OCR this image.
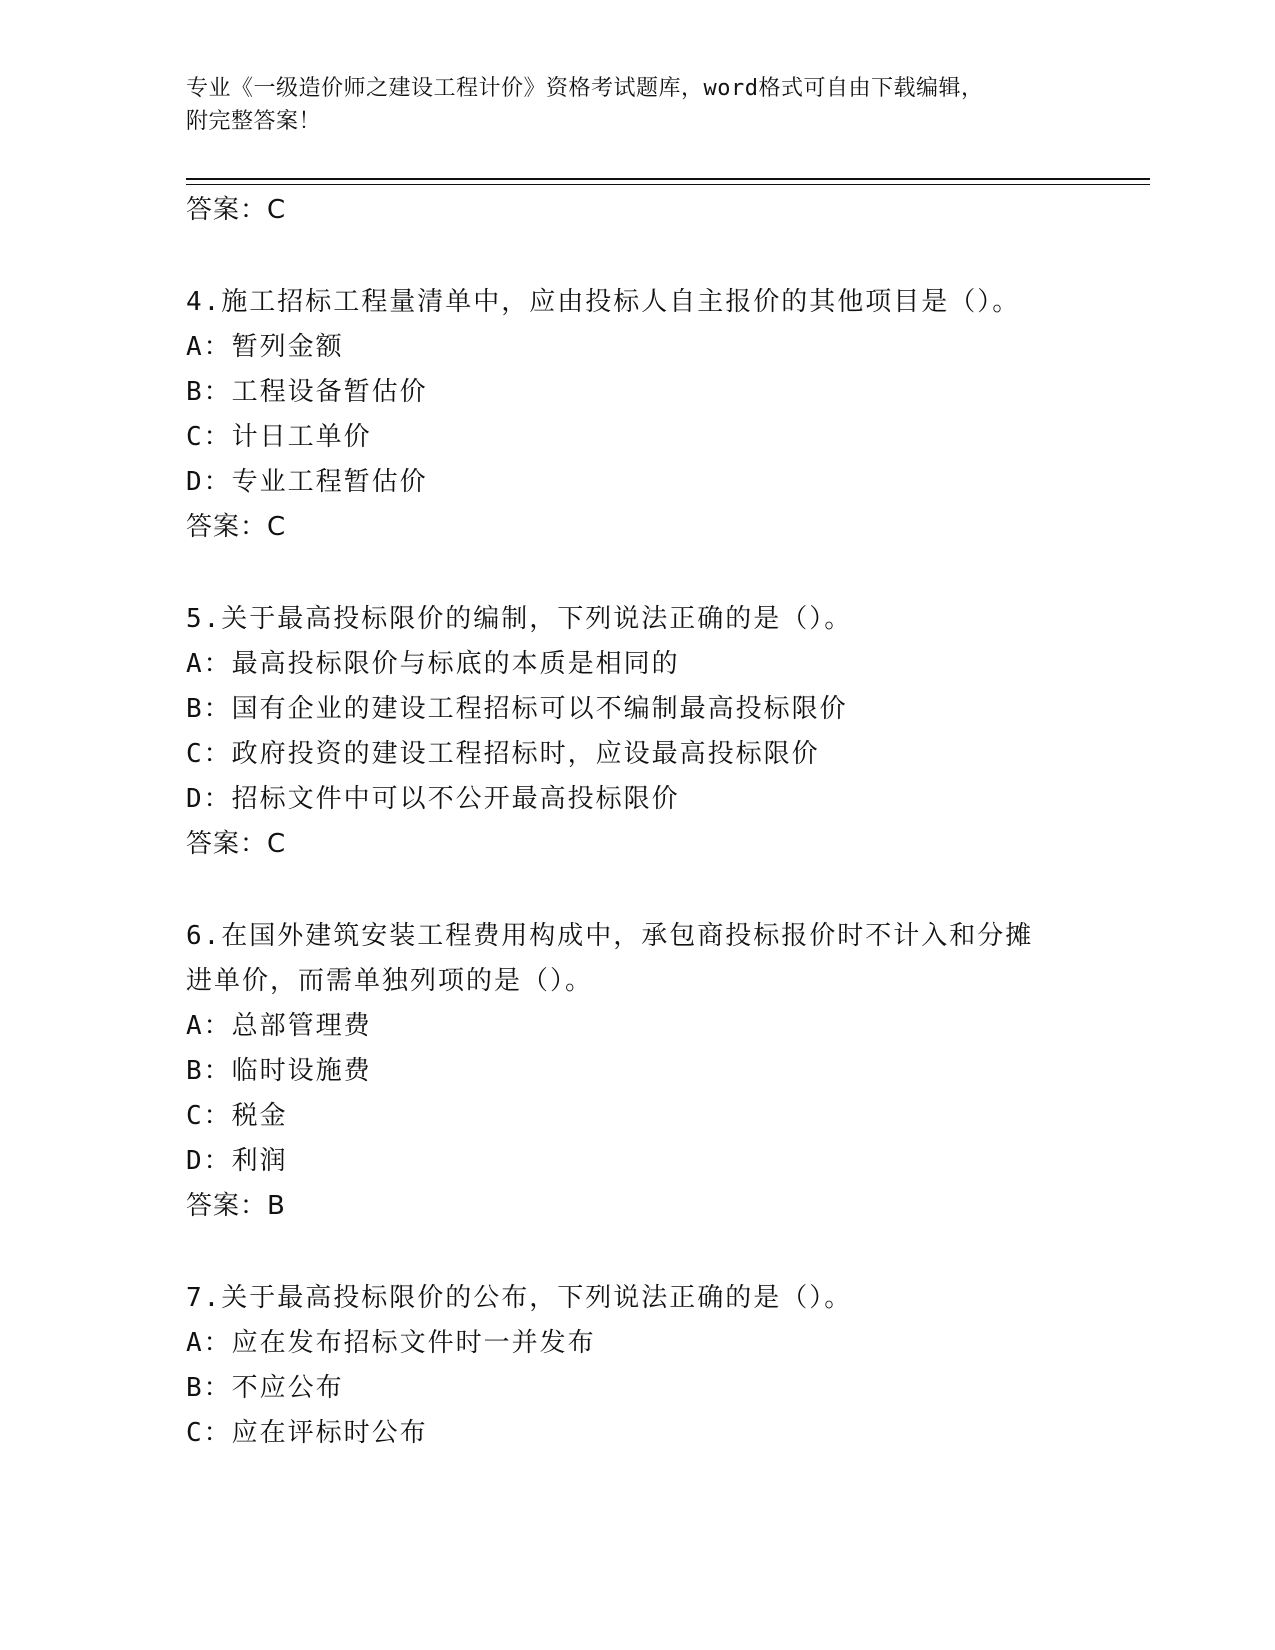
专业《一级造价师之建设工程计价》资格考试题库，word格式可自由下载编辑，
附完整答案！
答案：C
4.施工招标工程量清单中，应由投标人自主报价的其他项目是（）。
A：暂列金额
B：工程设备暂估价
C：计日工单价
D：专业工程暂估价
答案：C
5.关于最高投标限价的编制，下列说法正确的是（）。
A：最高投标限价与标底的本质是相同的
B：国有企业的建设工程招标可以不编制最高投标限价
C：政府投资的建设工程招标时，应设最高投标限价
D：招标文件中可以不公开最高投标限价
答案：C
6.在国外建筑安装工程费用构成中，承包商投标报价时不计入和分摊
进单价，而需单独列项的是（）。
A：总部管理费
B：临时设施费
C：税金
D：利润
答案：B
7.关于最高投标限价的公布，下列说法正确的是（）。
A：应在发布招标文件时一并发布
B：不应公布
C：应在评标时公布
